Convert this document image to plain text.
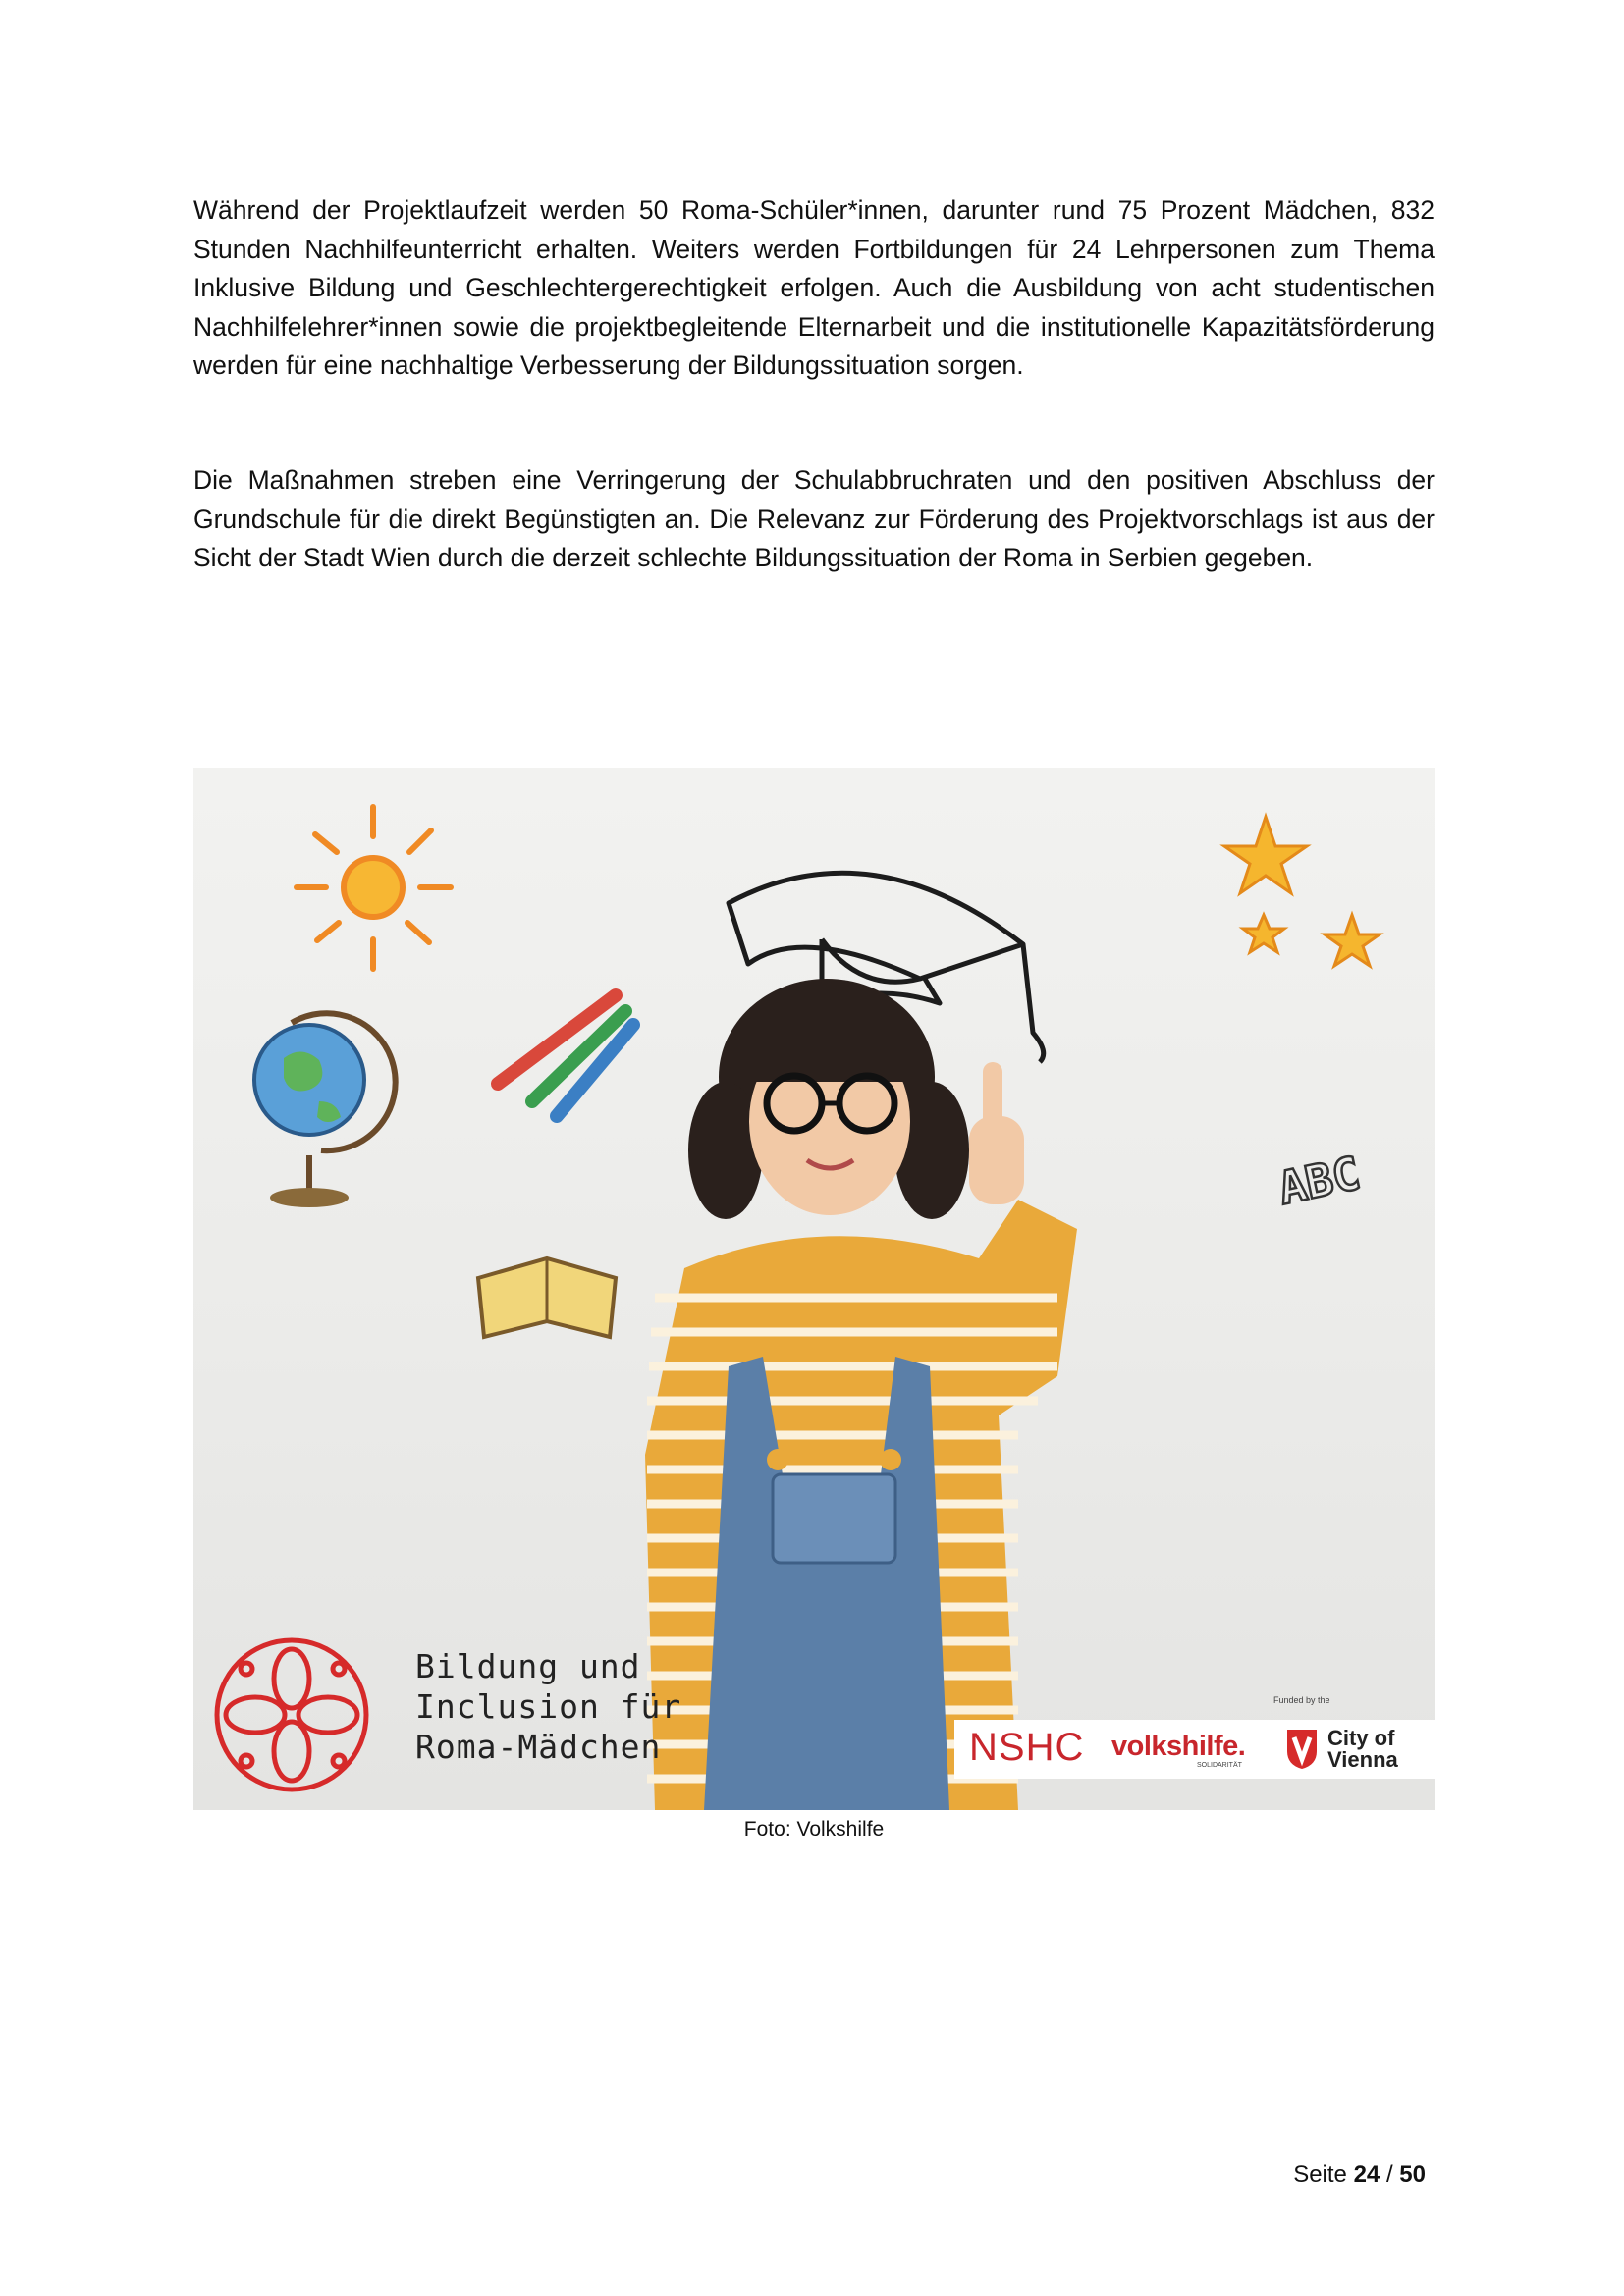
Während der Projektlaufzeit werden 50 Roma-Schüler*innen, darunter rund 75 Prozent Mädchen, 832 Stunden Nachhilfeunterricht erhalten. Weiters werden Fortbildungen für 24 Lehrpersonen zum Thema Inklusive Bildung und Geschlechtergerechtigkeit erfolgen. Auch die Ausbildung von acht studentischen Nachhilfelehrer*innen sowie die projektbegleitende Elternarbeit und die institutionelle Kapazitätsförderung werden für eine nachhaltige Verbesserung der Bildungssituation sorgen.

Die Maßnahmen streben eine Verringerung der Schulabbruchraten und den positiven Abschluss der Grundschule für die direkt Begünstigten an. Die Relevanz zur Förderung des Projektvorschlags ist aus der Sicht der Stadt Wien durch die derzeit schlechte Bildungssituation der Roma in Serbien gegeben.

ABC
Bildung und
Inclusion für
Roma-Mädchen
Funded by the
NSHC volkshilfe.
SOLIDARITÄT
City of
Vienna
Foto: Volkshilfe
Seite 24 / 50
